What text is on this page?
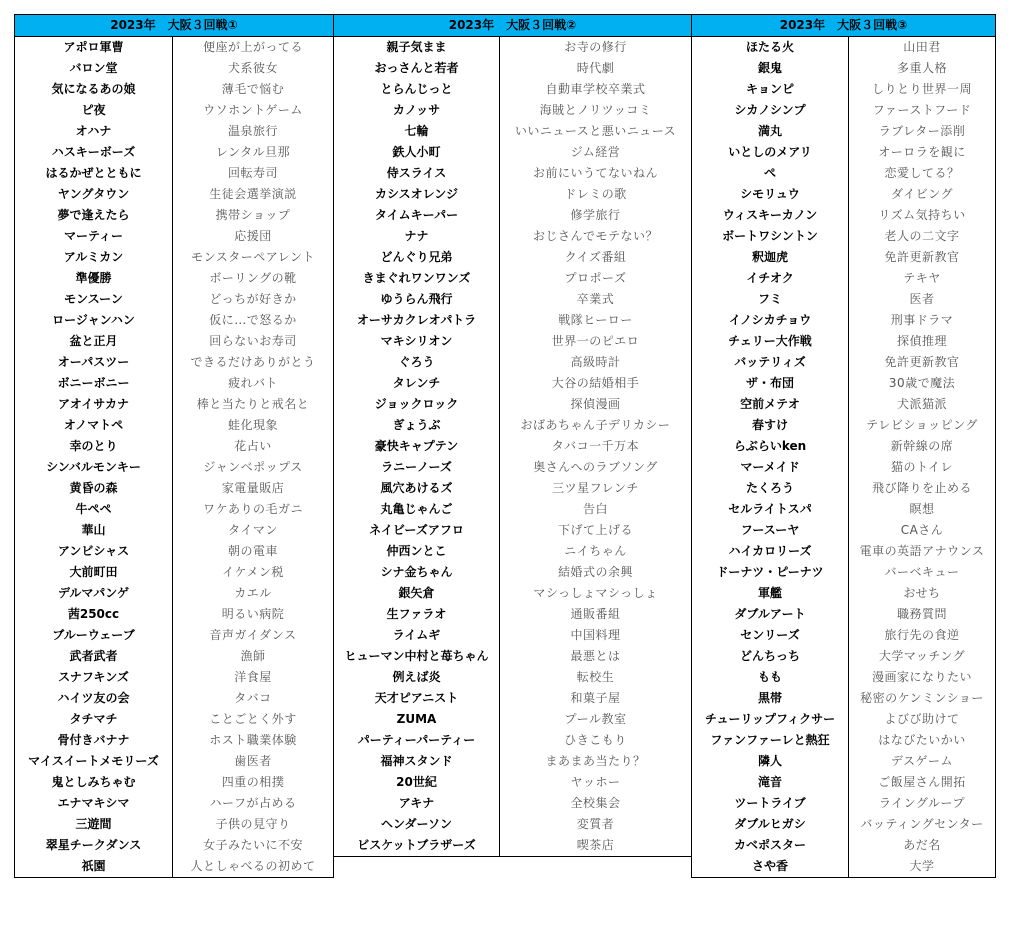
2023年　大阪３回戦①	
アポロ軍曹	便座が上がってる
バロン堂	犬系彼女
気になるあの娘	薄毛で悩む
ピ夜	ウソホントゲーム
オハナ	温泉旅行
ハスキーボーズ	レンタル旦那
はるかぜとともに	回転寿司
ヤングタウン	生徒会選挙演説
夢で逢えたら	携帯ショップ
マーティー	応援団
アルミカン	モンスターペアレント
準優勝	ボーリングの靴
モンスーン	どっちが好きか
ロージャンハン	仮に…で怒るか
盆と正月	回らないお寿司
オーパスツー	できるだけありがとう
ボニーボニー	疲れバト
アオイサカナ	棒と当たりと戒名と
オノマトペ	蛙化現象
幸のとり	花占い
シンバルモンキー	ジャンベポップス
黄昏の森	家電量販店
牛ペペ	ワケありの毛ガニ
華山	タイマン
アンビシャス	朝の電車
大前町田	イケメン税
デルマパンゲ	カエル
茜250cc	明るい病院
ブルーウェーブ	音声ガイダンス
武者武者	漁師
スナフキンズ	洋食屋
ハイツ友の会	タバコ
タチマチ	ことごとく外す
骨付きバナナ	ホスト職業体験
マイスイートメモリーズ	歯医者
鬼としみちゃむ	四重の相撲
エナマキシマ	ハーフが占める
三遊間	子供の見守り
翠星チークダンス	女子みたいに不安
祇園	人としゃべるの初めて
2023年　大阪３回戦②	
親子気まま	お寺の修行
おっさんと若者	時代劇
とらんじっと	自動車学校卒業式
カノッサ	海賊とノリツッコミ
七輪	いいニュースと悪いニュース
鉄人小町	ジム経営
侍スライス	お前にいうてないねん
カシスオレンジ	ドレミの歌
タイムキーパー	修学旅行
ナナ	おじさんでモテない？
どんぐり兄弟	クイズ番組
きまぐれワンワンズ	プロポーズ
ゆうらん飛行	卒業式
オーサカクレオパトラ	戦隊ヒーロー
マキシリオン	世界一のピエロ
ぐろう	高級時計
タレンチ	大谷の結婚相手
ジョックロック	探偵漫画
ぎょうぶ	おばあちゃん子デリカシー
豪快キャプテン	タバコ一千万本
ラニーノーズ	奥さんへのラブソング
風穴あけるズ	三ツ星フレンチ
丸亀じゃんご	告白
ネイビーズアフロ	下げて上げる
仲西ンとこ	ニイちゃん
シナ金ちゃん	結婚式の余興
銀矢倉	マシっしょマシっしょ
生ファラオ	通販番組
ライムギ	中国料理
ヒューマン中村と苺ちゃん	最悪とは
例えば炎	転校生
天才ピアニスト	和菓子屋
ZUMA	プール教室
パーティーパーティー	ひきこもり
福神スタンド	まあまあ当たり？
20世紀	ヤッホー
アキナ	全校集会
ヘンダーソン	変質者
ビスケットブラザーズ	喫茶店
2023年　大阪３回戦③	
ほたる火	山田君
銀鬼	多重人格
キョンピ	しりとり世界一周
シカノシンプ	ファーストフード
満丸	ラブレター添削
いとしのメアリ	オーロラを観に
ぺ	恋愛してる？
シモリュウ	ダイビング
ウィスキーカノン	リズム気持ちい
ボートワシントン	老人の二文字
釈迦虎	免許更新教官
イチオク	テキヤ
フミ	医者
イノシカチョウ	刑事ドラマ
チェリー大作戦	探偵推理
バッテリィズ	免許更新教官
ザ・布団	30歳で魔法
空前メテオ	犬派猫派
春すけ	テレビショッピング
らぶらいken	新幹線の席
マーメイド	猫のトイレ
たくろう	飛び降りを止める
セルライトスパ	瞑想
フースーヤ	CAさん
ハイカロリーズ	電車の英語アナウンス
ドーナツ・ピーナツ	バーベキュー
軍艦	おせち
ダブルアート	職務質問
センリーズ	旅行先の食逆
どんちっち	大学マッチング
もも	漫画家になりたい
黒帯	秘密のケンミンショー
チューリップフィクサー	よびび助けて
ファンファーレと熱狂	はなびたいかい
隣人	デスゲーム
滝音	ご飯屋さん開拓
ツートライブ	ライングループ
ダブルヒガシ	バッティングセンター
カベポスター	あだ名
さや香	大学
